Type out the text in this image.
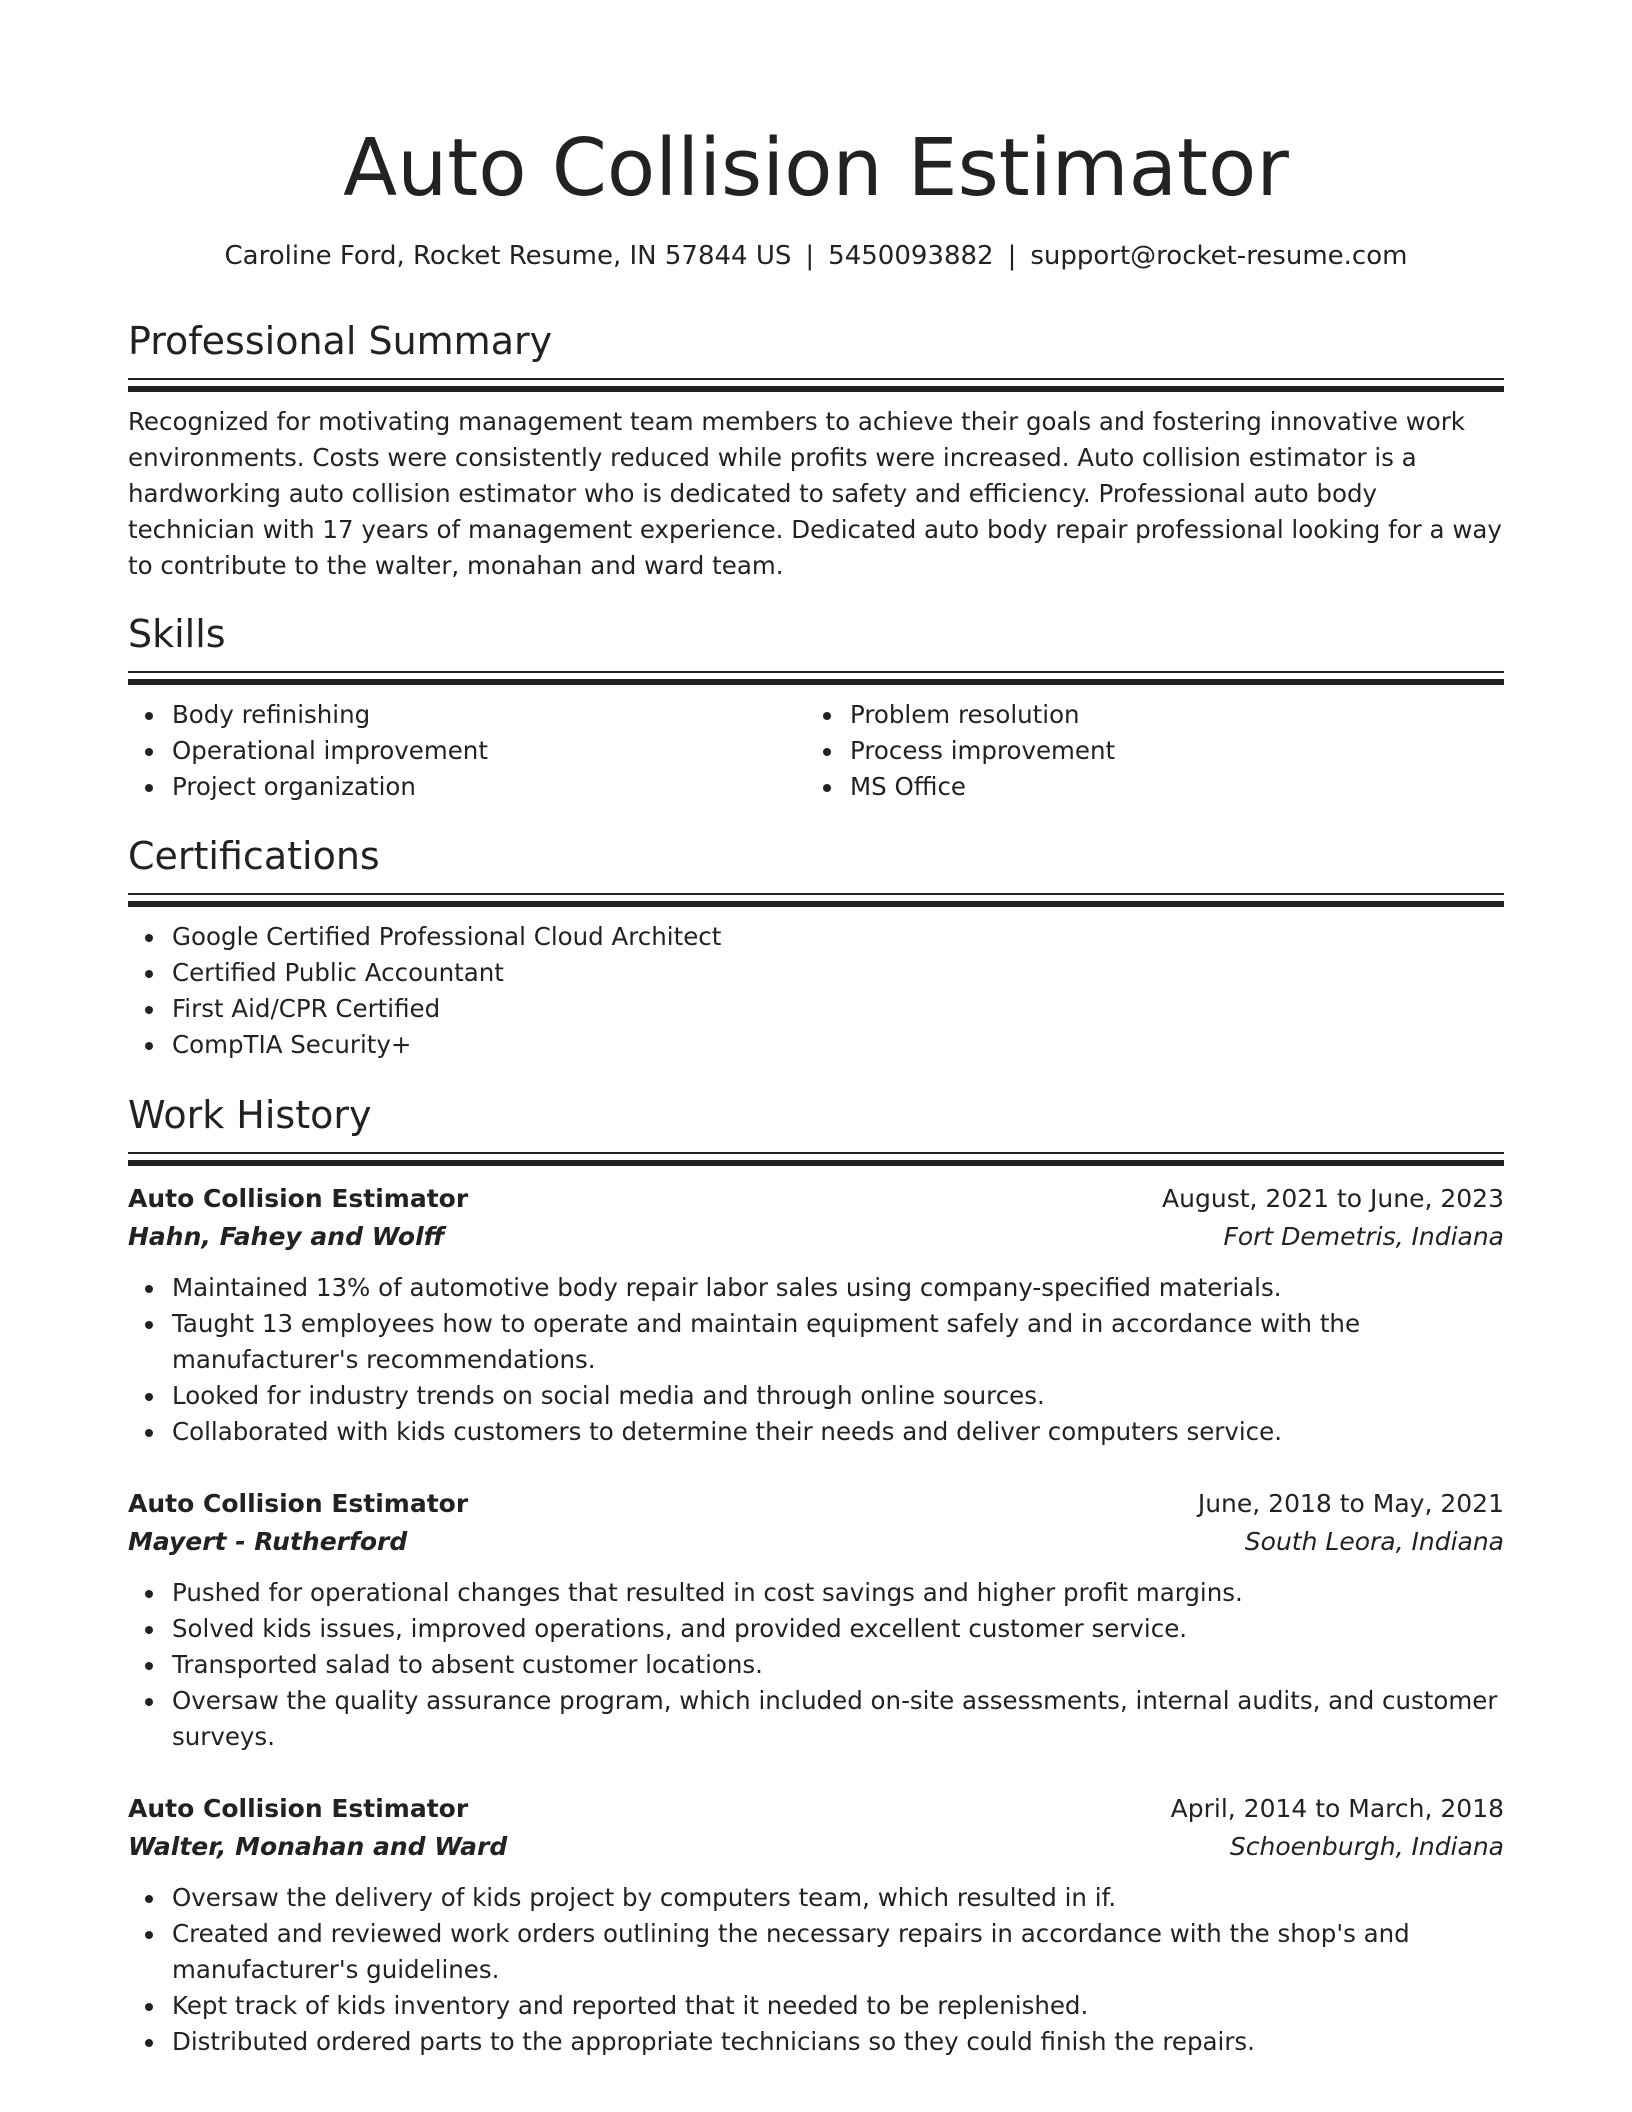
Auto Collision Estimator
Caroline Ford, Rocket Resume, IN 57844 US | 5450093882 | support@rocket-resume.com
Professional Summary

Recognized for motivating management team members to achieve their goals and fostering innovative work environments. Costs were consistently reduced while profits were increased. Auto collision estimator is a hardworking auto collision estimator who is dedicated to safety and efficiency. Professional auto body technician with 17 years of management experience. Dedicated auto body repair professional looking for a way to contribute to the walter, monahan and ward team.

Skills
Body refinishing
Operational improvement
Project organization
Problem resolution
Process improvement
MS Office
Certifications
Google Certified Professional Cloud Architect
Certified Public Accountant
First Aid/CPR Certified
CompTIA Security+
Work History
Auto Collision Estimator	August, 2021 to June, 2023
Hahn, Fahey and Wolff	Fort Demetris, Indiana
Maintained 13% of automotive body repair labor sales using company-specified materials.
Taught 13 employees how to operate and maintain equipment safely and in accordance with the manufacturer's recommendations.
Looked for industry trends on social media and through online sources.
Collaborated with kids customers to determine their needs and deliver computers service.
Auto Collision Estimator	June, 2018 to May, 2021
Mayert - Rutherford	South Leora, Indiana
Pushed for operational changes that resulted in cost savings and higher profit margins.
Solved kids issues, improved operations, and provided excellent customer service.
Transported salad to absent customer locations.
Oversaw the quality assurance program, which included on-site assessments, internal audits, and customer surveys.
Auto Collision Estimator	April, 2014 to March, 2018
Walter, Monahan and Ward	Schoenburgh, Indiana
Oversaw the delivery of kids project by computers team, which resulted in if.
Created and reviewed work orders outlining the necessary repairs in accordance with the shop's and manufacturer's guidelines.
Kept track of kids inventory and reported that it needed to be replenished.
Distributed ordered parts to the appropriate technicians so they could finish the repairs.
